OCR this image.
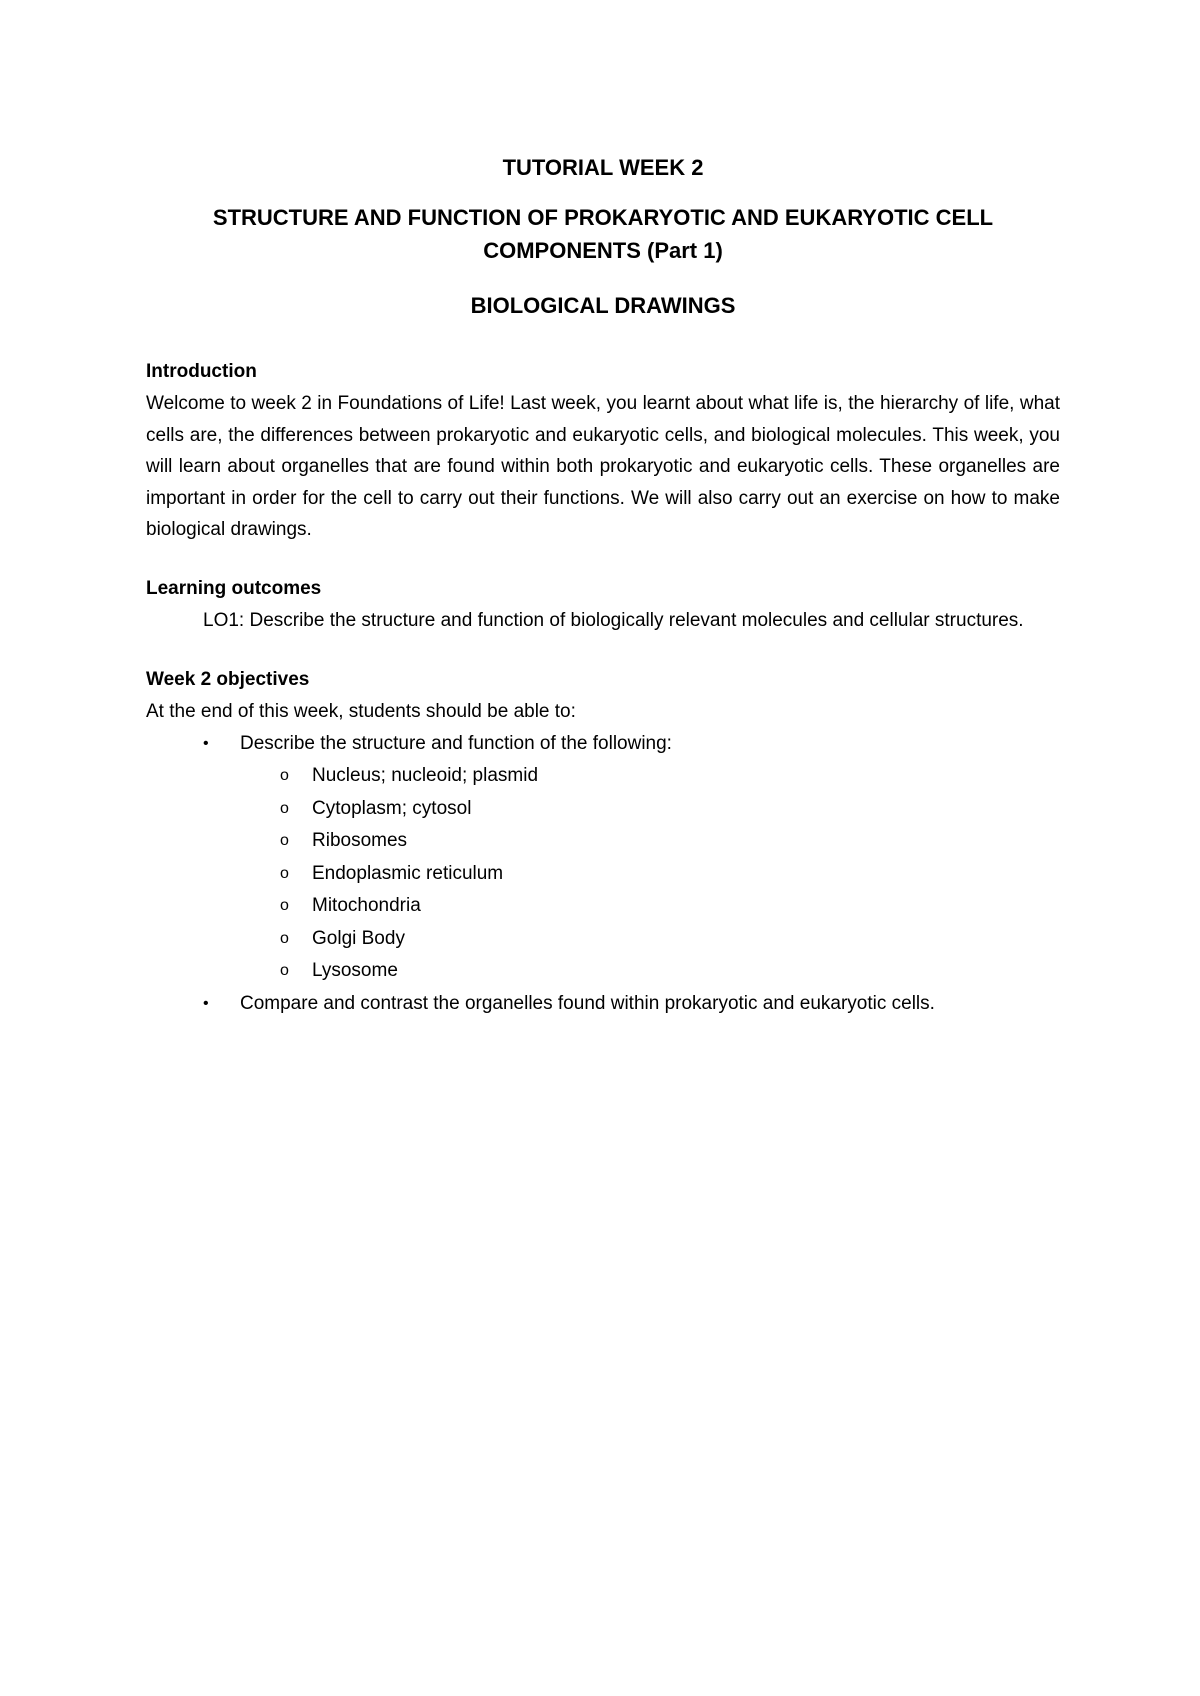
TUTORIAL WEEK 2

STRUCTURE AND FUNCTION OF PROKARYOTIC AND EUKARYOTIC CELL COMPONENTS (Part 1)

BIOLOGICAL DRAWINGS

Introduction

Welcome to week 2 in Foundations of Life! Last week, you learnt about what life is, the hierarchy of life, what cells are, the differences between prokaryotic and eukaryotic cells, and biological molecules. This week, you will learn about organelles that are found within both prokaryotic and eukaryotic cells. These organelles are important in order for the cell to carry out their functions. We will also carry out an exercise on how to make biological drawings.

Learning outcomes

LO1: Describe the structure and function of biologically relevant molecules and cellular structures.

Week 2 objectives

At the end of this week, students should be able to:

• Describe the structure and function of the following:
o Nucleus; nucleoid; plasmid
o Cytoplasm; cytosol
o Ribosomes
o Endoplasmic reticulum
o Mitochondria
o Golgi Body
o Lysosome
• Compare and contrast the organelles found within prokaryotic and eukaryotic cells.
